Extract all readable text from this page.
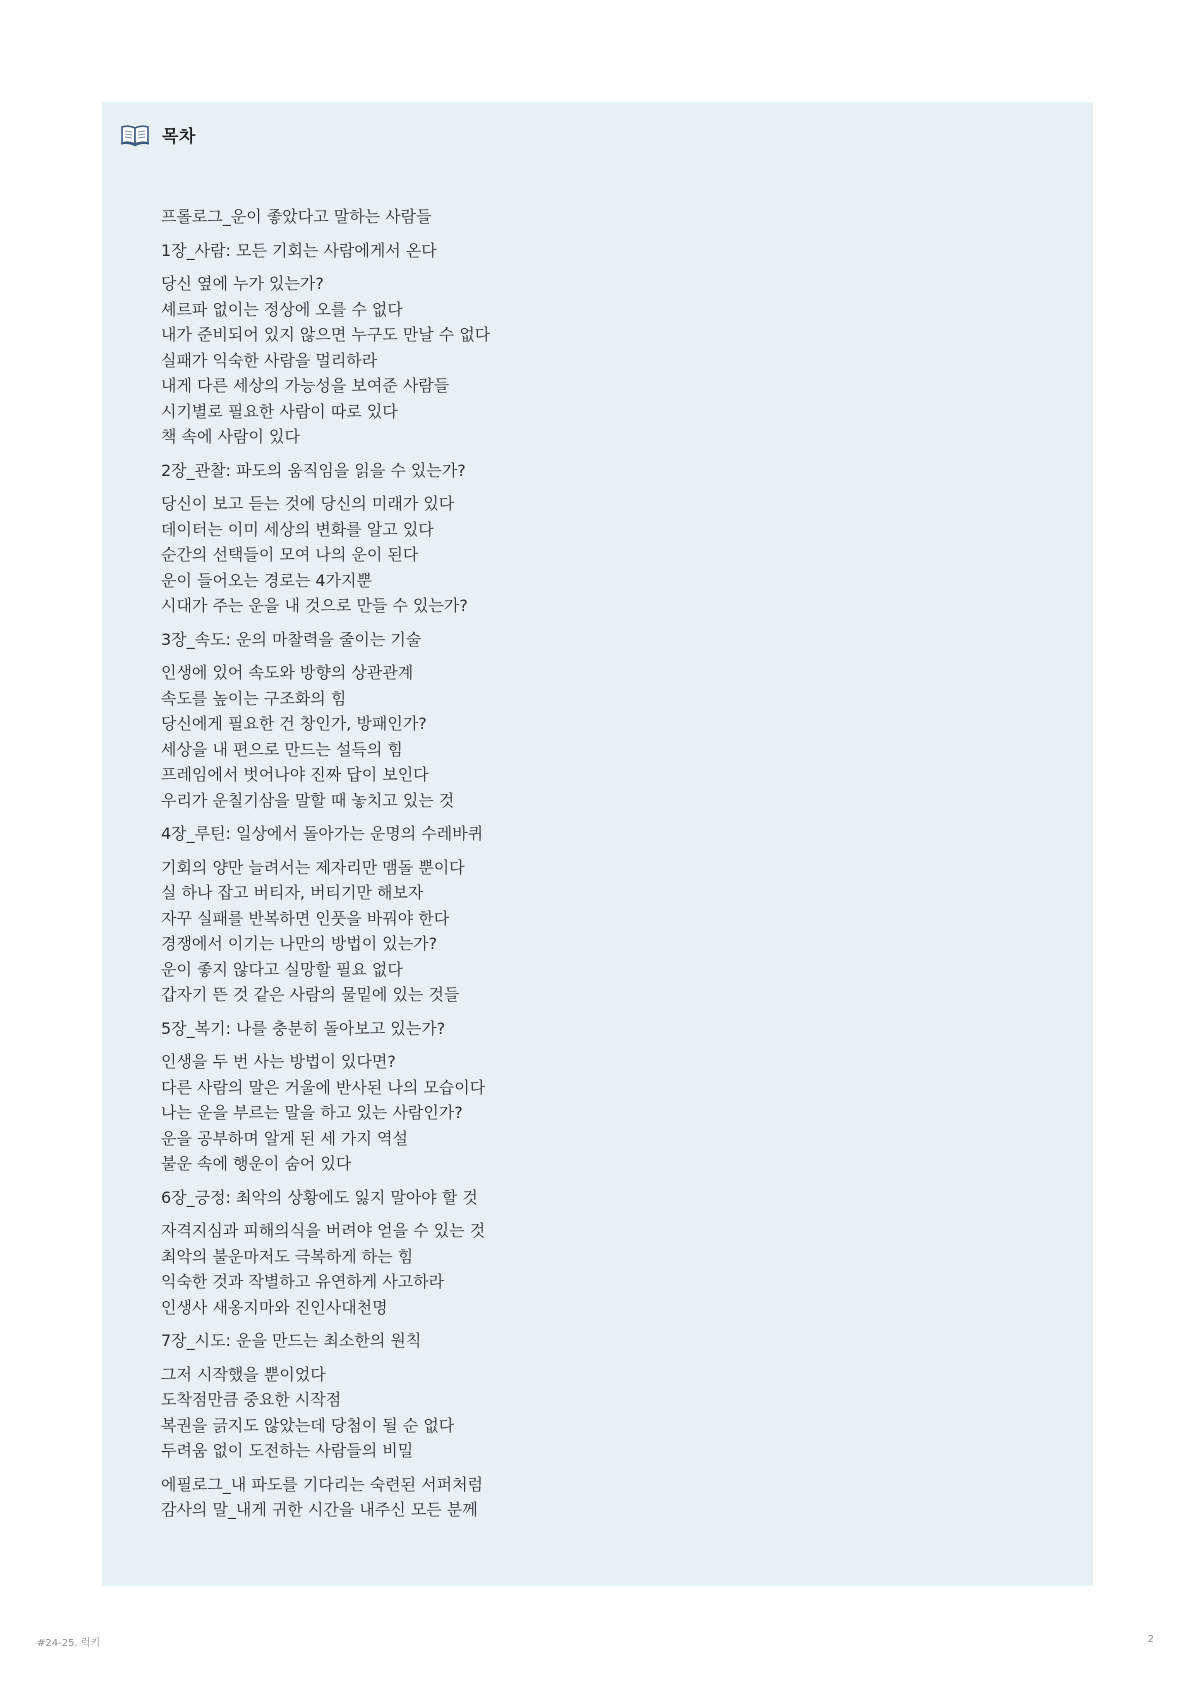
목차
프롤로그_운이 좋았다고 말하는 사람들
1장_사람: 모든 기회는 사람에게서 온다
당신 옆에 누가 있는가?
셰르파 없이는 정상에 오를 수 없다
내가 준비되어 있지 않으면 누구도 만날 수 없다
실패가 익숙한 사람을 멀리하라
내게 다른 세상의 가능성을 보여준 사람들
시기별로 필요한 사람이 따로 있다
책 속에 사람이 있다
2장_관찰: 파도의 움직임을 읽을 수 있는가?
당신이 보고 듣는 것에 당신의 미래가 있다
데이터는 이미 세상의 변화를 알고 있다
순간의 선택들이 모여 나의 운이 된다
운이 들어오는 경로는 4가지뿐
시대가 주는 운을 내 것으로 만들 수 있는가?
3장_속도: 운의 마찰력을 줄이는 기술
인생에 있어 속도와 방향의 상관관계
속도를 높이는 구조화의 힘
당신에게 필요한 건 창인가, 방패인가?
세상을 내 편으로 만드는 설득의 힘
프레임에서 벗어나야 진짜 답이 보인다
우리가 운칠기삼을 말할 때 놓치고 있는 것
4장_루틴: 일상에서 돌아가는 운명의 수레바퀴
기회의 양만 늘려서는 제자리만 맴돌 뿐이다
실 하나 잡고 버티자, 버티기만 해보자
자꾸 실패를 반복하면 인풋을 바꿔야 한다
경쟁에서 이기는 나만의 방법이 있는가?
운이 좋지 않다고 실망할 필요 없다
갑자기 뜬 것 같은 사람의 물밑에 있는 것들
5장_복기: 나를 충분히 돌아보고 있는가?
인생을 두 번 사는 방법이 있다면?
다른 사람의 말은 거울에 반사된 나의 모습이다
나는 운을 부르는 말을 하고 있는 사람인가?
운을 공부하며 알게 된 세 가지 역설
불운 속에 행운이 숨어 있다
6장_긍정: 최악의 상황에도 잃지 말아야 할 것
자격지심과 피해의식을 버려야 얻을 수 있는 것
최악의 불운마저도 극복하게 하는 힘
익숙한 것과 작별하고 유연하게 사고하라
인생사 새옹지마와 진인사대천명
7장_시도: 운을 만드는 최소한의 원칙
그저 시작했을 뿐이었다
도착점만큼 중요한 시작점
복권을 긁지도 않았는데 당첨이 될 순 없다
두려움 없이 도전하는 사람들의 비밀
에필로그_내 파도를 기다리는 숙련된 서퍼처럼
감사의 말_내게 귀한 시간을 내주신 모든 분께
#24-25. 럭키	2
